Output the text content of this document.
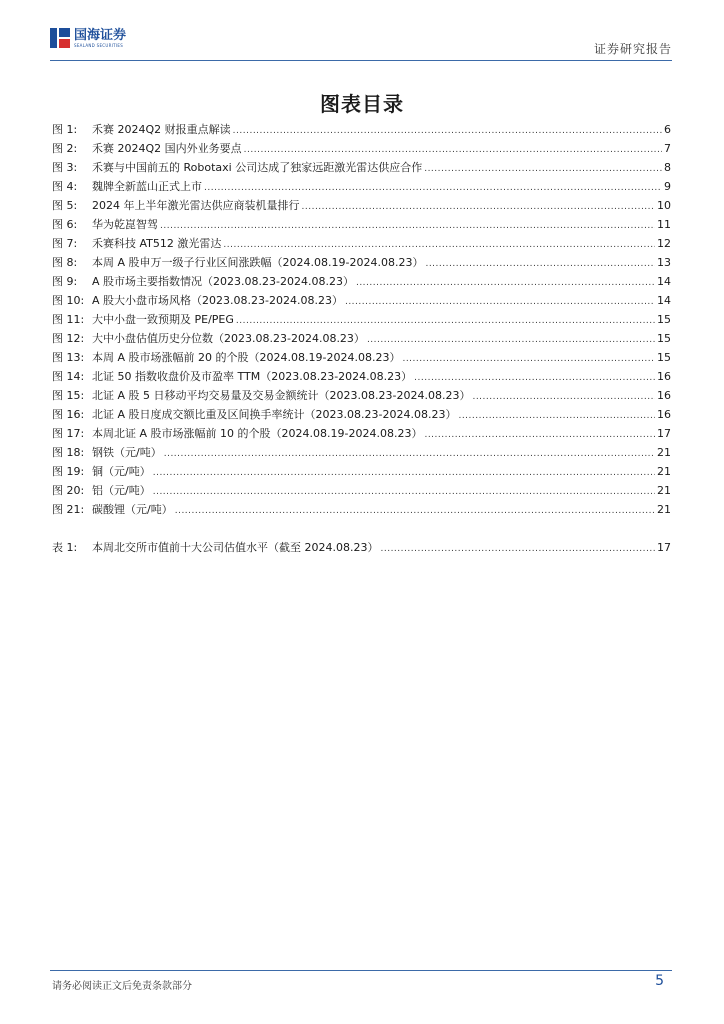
国海证券
SEALAND SECURITIES	证券研究报告
图表目录
图 1:	禾赛 2024Q2 财报重点解读 .....	6
图 2:	禾赛 2024Q2 国内外业务要点 .....	7
图 3:	禾赛与中国前五的 Robotaxi 公司达成了独家远距激光雷达供应合作 .....	8
图 4:	魏牌全新蓝山正式上市 .....	9
图 5:	2024 年上半年激光雷达供应商装机量排行 .....	10
图 6:	华为乾崑智驾 .....	11
图 7:	禾赛科技 AT512 激光雷达 .....	12
图 8:	本周 A 股申万一级子行业区间涨跌幅（2024.08.19-2024.08.23） .....	13
图 9:	A 股市场主要指数情况（2023.08.23-2024.08.23） .....	14
图 10: A 股大小盘市场风格（2023.08.23-2024.08.23） .....	14
图 11: 大中小盘一致预期及 PE/PEG .....	15
图 12: 大中小盘估值历史分位数（2023.08.23-2024.08.23） .....	15
图 13: 本周 A 股市场涨幅前 20 的个股（2024.08.19-2024.08.23） .....	15
图 14: 北证 50 指数收盘价及市盈率 TTM（2023.08.23-2024.08.23） .....	16
图 15: 北证 A 股 5 日移动平均交易量及交易金额统计（2023.08.23-2024.08.23） .....	16
图 16: 北证 A 股日度成交额比重及区间换手率统计（2023.08.23-2024.08.23） .....	16
图 17: 本周北证 A 股市场涨幅前 10 的个股（2024.08.19-2024.08.23） .....	17
图 18: 钢铁（元/吨） .....	21
图 19: 铜（元/吨） .....	21
图 20: 铝（元/吨） .....	21
图 21: 碳酸锂（元/吨） .....	21
表 1:	本周北交所市值前十大公司估值水平（截至 2024.08.23） .....	17
请务必阅读正文后免责条款部分	5
